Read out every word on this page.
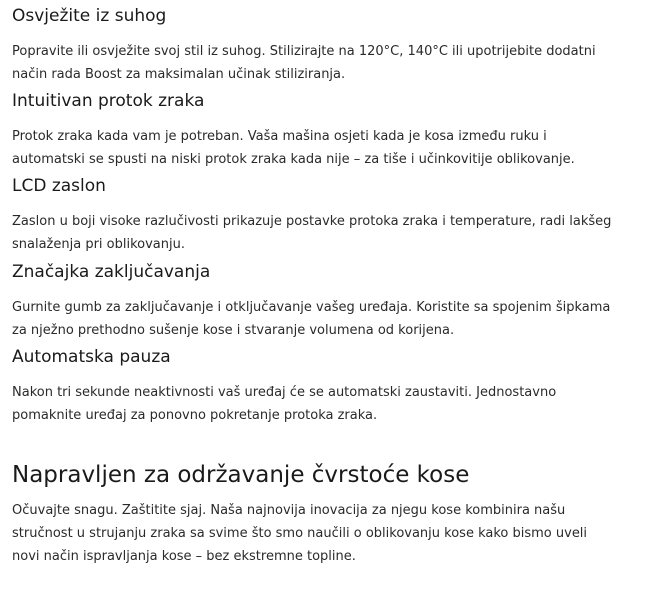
Osvježite iz suhog

Popravite ili osvježite svoj stil iz suhog. Stilizirajte na 120°C, 140°C ili upotrijebite dodatni način rada Boost za maksimalan učinak stiliziranja.

Intuitivan protok zraka

Protok zraka kada vam je potreban. Vaša mašina osjeti kada je kosa između ruku i automatski se spusti na niski protok zraka kada nije – za tiše i učinkovitije oblikovanje.

LCD zaslon

Zaslon u boji visoke razlučivosti prikazuje postavke protoka zraka i temperature, radi lakšeg snalaženja pri oblikovanju.

Značajka zaključavanja

Gurnite gumb za zaključavanje i otključavanje vašeg uređaja. Koristite sa spojenim šipkama za nježno prethodno sušenje kose i stvaranje volumena od korijena.

Automatska pauza

Nakon tri sekunde neaktivnosti vaš uređaj će se automatski zaustaviti. Jednostavno pomaknite uređaj za ponovno pokretanje protoka zraka.

Napravljen za održavanje čvrstoće kose

Očuvajte snagu. Zaštitite sjaj. Naša najnovija inovacija za njegu kose kombinira našu stručnost u strujanju zraka sa svime što smo naučili o oblikovanju kose kako bismo uveli novi način ispravljanja kose – bez ekstremne topline.
